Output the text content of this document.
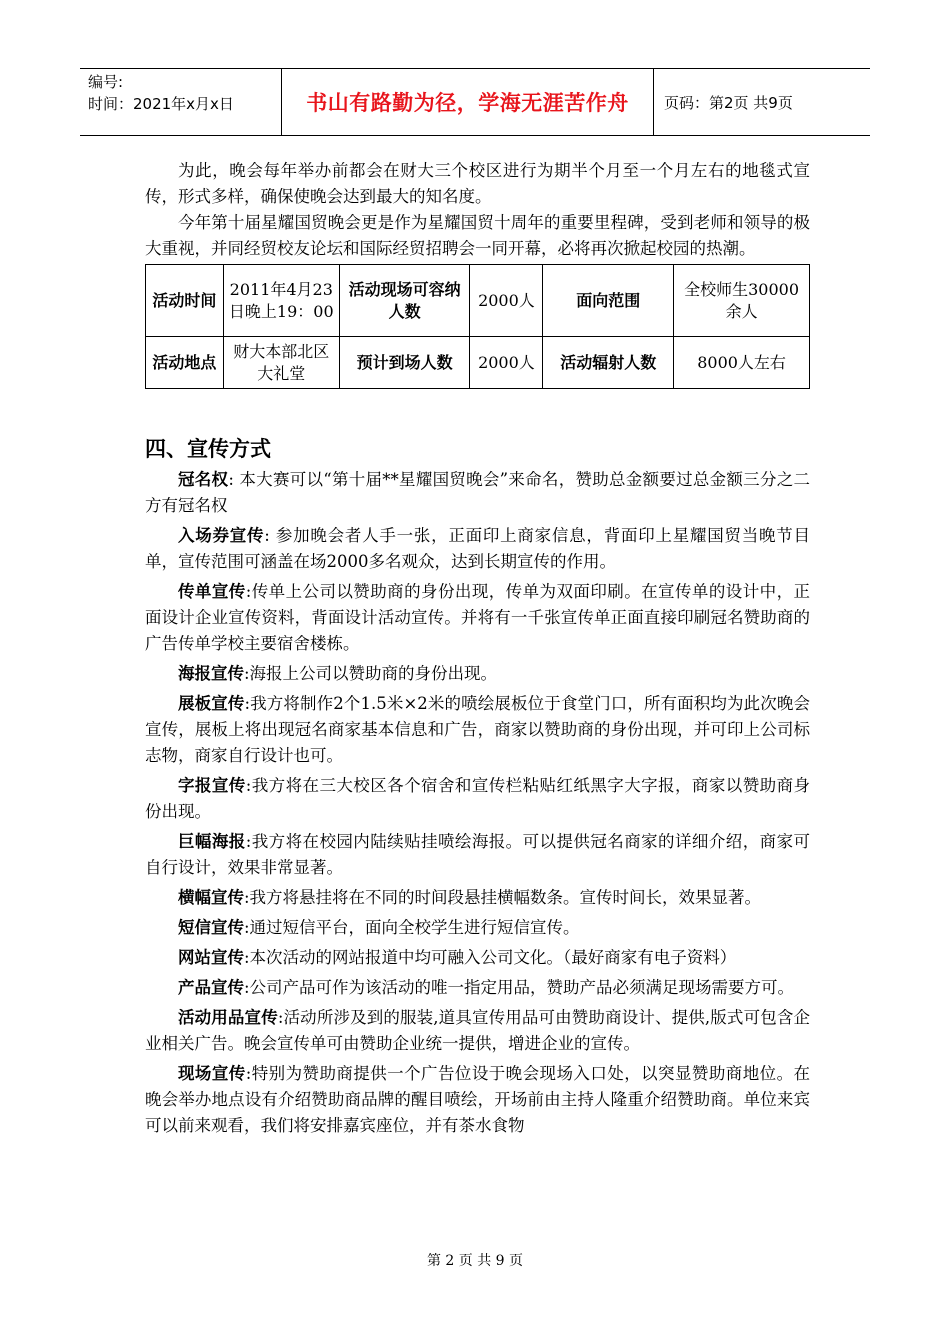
编号:
时间：2021年x月x日	书山有路勤为径，学海无涯苦作舟	页码：第2页 共9页

为此，晚会每年举办前都会在财大三个校区进行为期半个月至一个月左右的地毯式宣传，形式多样，确保使晚会达到最大的知名度。

今年第十届星耀国贸晚会更是作为星耀国贸十周年的重要里程碑，受到老师和领导的极大重视，并同经贸校友论坛和国际经贸招聘会一同开幕，必将再次掀起校园的热潮。

活动时间	2011年4月23日晚上19：00	活动现场可容纳人数	2000人	面向范围	全校师生30000余人
活动地点	财大本部北区大礼堂	预计到场人数	2000人	活动辐射人数	8000人左右
四、宣传方式

冠名权: 本大赛可以“第十届**星耀国贸晚会”来命名，赞助总金额要过总金额三分之二方有冠名权

入场券宣传: 参加晚会者人手一张，正面印上商家信息，背面印上星耀国贸当晚节目单，宣传范围可涵盖在场2000多名观众，达到长期宣传的作用。

传单宣传:传单上公司以赞助商的身份出现，传单为双面印刷。在宣传单的设计中，正面设计企业宣传资料，背面设计活动宣传。并将有一千张宣传单正面直接印刷冠名赞助商的广告传单学校主要宿舍楼栋。

海报宣传:海报上公司以赞助商的身份出现。

展板宣传:我方将制作2个1.5米×2米的喷绘展板位于食堂门口，所有面积均为此次晚会宣传，展板上将出现冠名商家基本信息和广告，商家以赞助商的身份出现，并可印上公司标志物，商家自行设计也可。

字报宣传:我方将在三大校区各个宿舍和宣传栏粘贴红纸黑字大字报，商家以赞助商身份出现。

巨幅海报:我方将在校园内陆续贴挂喷绘海报。可以提供冠名商家的详细介绍，商家可自行设计，效果非常显著。

横幅宣传:我方将悬挂将在不同的时间段悬挂横幅数条。宣传时间长，效果显著。

短信宣传:通过短信平台，面向全校学生进行短信宣传。

网站宣传:本次活动的网站报道中均可融入公司文化。（最好商家有电子资料）

产品宣传:公司产品可作为该活动的唯一指定用品，赞助产品必须满足现场需要方可。

活动用品宣传:活动所涉及到的服装,道具宣传用品可由赞助商设计、提供,版式可包含企业相关广告。晚会宣传单可由赞助企业统一提供，增进企业的宣传。

现场宣传:特别为赞助商提供一个广告位设于晚会现场入口处，以突显赞助商地位。在晚会举办地点设有介绍赞助商品牌的醒目喷绘，开场前由主持人隆重介绍赞助商。单位来宾可以前来观看，我们将安排嘉宾座位，并有茶水食物

第 2 页 共 9 页
